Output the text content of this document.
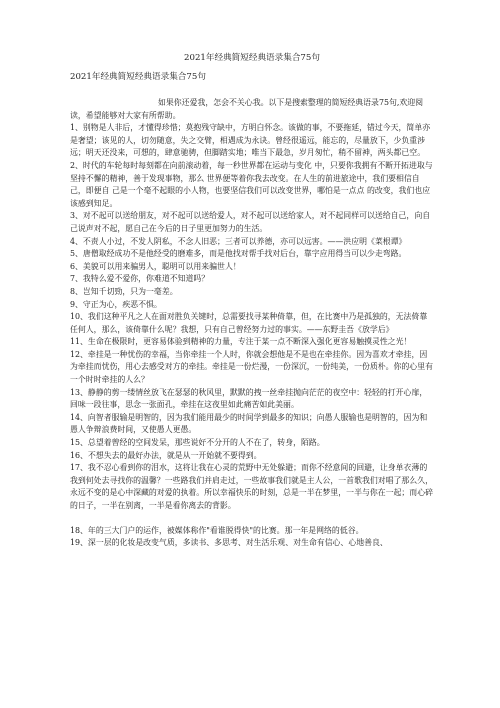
2021年经典简短经典语录集合75句

2021年经典简短经典语录集合75句

如果你还爱我，怎会不关心我。以下是搜索整理的简短经典语录75句,欢迎阅读，希望能够对大家有所帮助。

1、别物是人非后，才懂得珍惜；莫抱残守缺中，方明白怀念。该做的事，不要拖延，错过今天，简单亦是奢望；该见的人，切勿随意，失之交臂，相遇成为永诀。曾经很遥远，能忘的，尽量放下，少负重涉远；明天还没来，可想的，肆意驰骋，但脚踏实地；唯当下最急，岁月匆忙，稍不留神，两头都已空。

2、时代的车轮每时每刻都在向前滚动着，每一秒世界都在运动与变化 中，只要你我拥有不断开拓进取与坚持不懈的精神，善于发现事物，那么 世界便等着你我去改变。在人生的前进旅途中，我们要相信自己，即便自 己是一个毫不起眼的小人物，也要坚信我们可以改变世界，哪怕是一点点 的改变，我们也应该感到知足。

3、对不起可以送给朋友，对不起可以送给爱人，对不起可以送给家人，对不起同样可以送给自己，向自己说声对不起，愿自己在今后的日子里更加努力的生活。

4、不责人小过，不发人阴私，不念人旧恶；三者可以养德，亦可以远害。——洪应明《菜根谭》

5、唐僧取经成功不是他经受的磨难多，而是他找对帮手找对后台，靠字应用得当可以少走弯路。

6、美貌可以用来骗男人，聪明可以用来骗世人！

7、我特么爱不爱你，你难道不知道吗？

8、岂知千切勁，只为一毫差。

9、守正为心，疾恶不惧。

10、我们这种平凡之人在面对胜负关键时，总需要找寻某种倚靠，但，在比赛中乃是孤独的，无法倚靠任何人，那么，该倚靠什么呢？我想，只有自己曾经努力过的事实。——东野圭吾《放学后》

11、生命在极限时，更容易体验到精神的力量，专注于某一点不断深入强化更容易触摸灵性之光！

12、牵挂是一种忧伤的幸福，当你牵挂一个人时，你就会想他是不是也在牵挂你。因为喜欢才牵挂，因为牵挂而忧伤，用心去感受对方的牵挂。牵挂是一份烂漫，一份深沉，一份纯美，一份质朴。你的心里有一个时时牵挂的人么？

13、静静的剪一缕情丝放飞在瑟瑟的秋风里，默默的拽一丝牵挂抛向茫茫的夜空中：轻轻的打开心扉，回味一段往事，思念一张面孔，牵挂在这夜里如此痛苦如此美丽。

14、向智者服输是明智的，因为我们能用最少的时间学到最多的知识；向愚人服输也是明智的，因为和愚人争辩浪费时间，又使愚人更愚。

15、总望着曾经的空间发呆，那些说好不分开的人不在了，转身，陌路。

16、不想失去的最好办法，就是从一开始就不要得到。

17、我不忍心看到你的泪水，这将让我在心灵的荒野中无处躲避；而你不经意间的回避，让身单衣薄的我到何处去寻找你的温馨？一些路我们并肩走过，一些故事我们就是主人公，一首歌我们对唱了那么久，永远不变的是心中深藏的对爱的执着。所以幸福快乐的时刻，总是一半在梦里，一半与你在一起；而心碎的日子，一半在别离，一半是看你离去的背影。

18、年的三大门户的运作，被媒体称作"看谁脱得快"的比赛。那一年是网络的低谷。

19、深一层的化妆是改变气质，多读书、多思考、对生活乐观、对生命有信心、心地善良、
